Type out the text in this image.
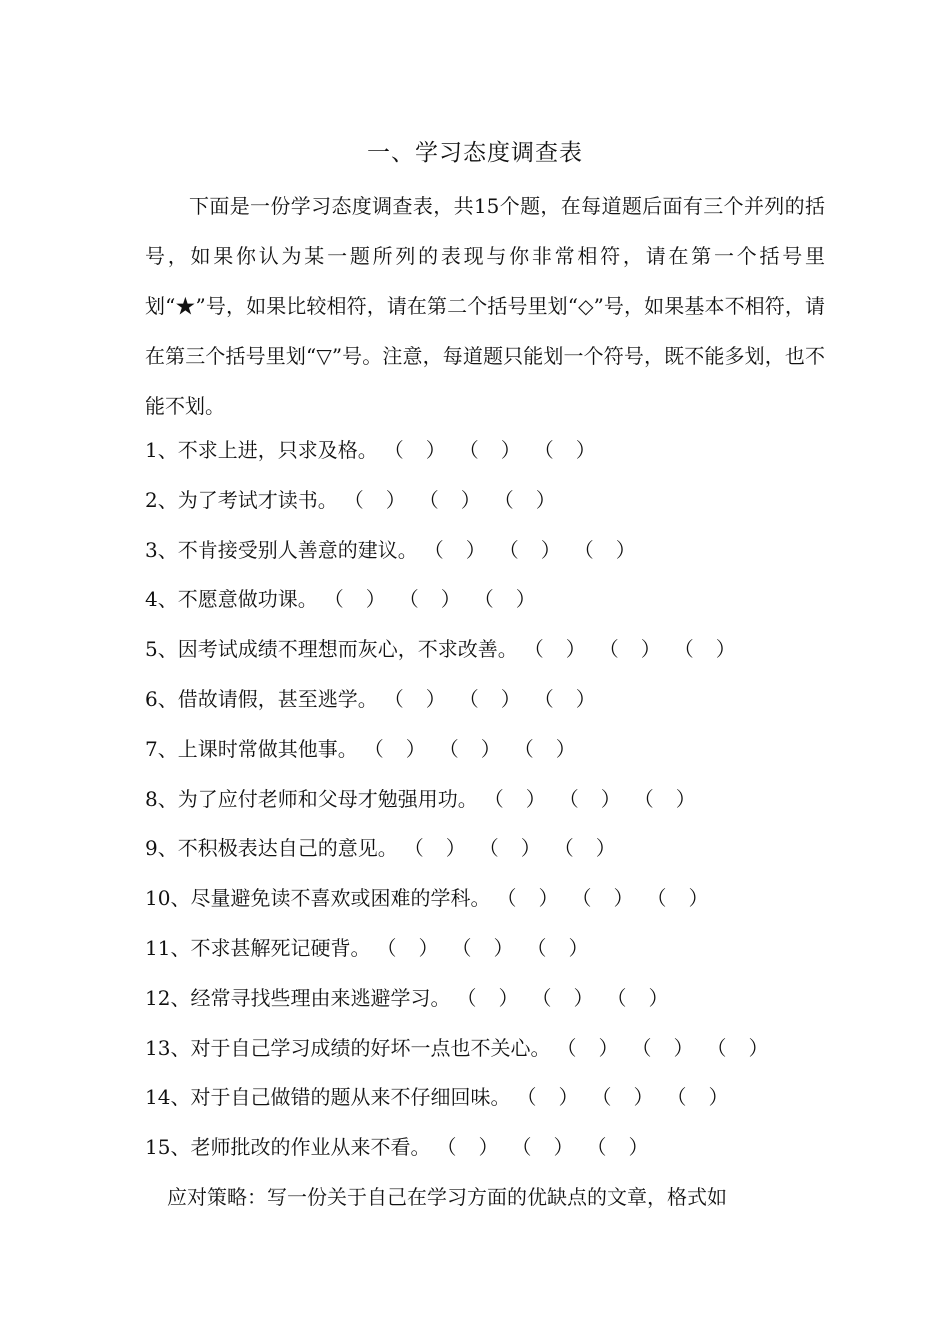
一、学习态度调查表
下面是一份学习态度调查表，共15个题，在每道题后面有三个并列的括号，如果你认为某一题所列的表现与你非常相符，请在第一个括号里划“★”号，如果比较相符，请在第二个括号里划“◇”号，如果基本不相符，请在第三个括号里划“▽”号。注意，每道题只能划一个符号，既不能多划，也不能不划。
1、不求上进，只求及格。 （　） （　） （　）
2、为了考试才读书。 （　） （　） （　）
3、不肯接受别人善意的建议。 （　） （　） （　）
4、不愿意做功课。 （　） （　） （　）
5、因考试成绩不理想而灰心，不求改善。 （　） （　） （　）
6、借故请假，甚至逃学。 （　） （　） （　）
7、上课时常做其他事。 （　） （　） （　）
8、为了应付老师和父母才勉强用功。 （　） （　） （　）
9、不积极表达自己的意见。 （　） （　） （　）
10、尽量避免读不喜欢或困难的学科。 （　） （　） （　）
11、不求甚解死记硬背。 （　） （　） （　）
12、经常寻找些理由来逃避学习。 （　） （　） （　）
13、对于自己学习成绩的好坏一点也不关心。 （　） （　） （　）
14、对于自己做错的题从来不仔细回味。 （　） （　） （　）
15、老师批改的作业从来不看。 （　） （　） （　）
应对策略：写一份关于自己在学习方面的优缺点的文章，格式如
